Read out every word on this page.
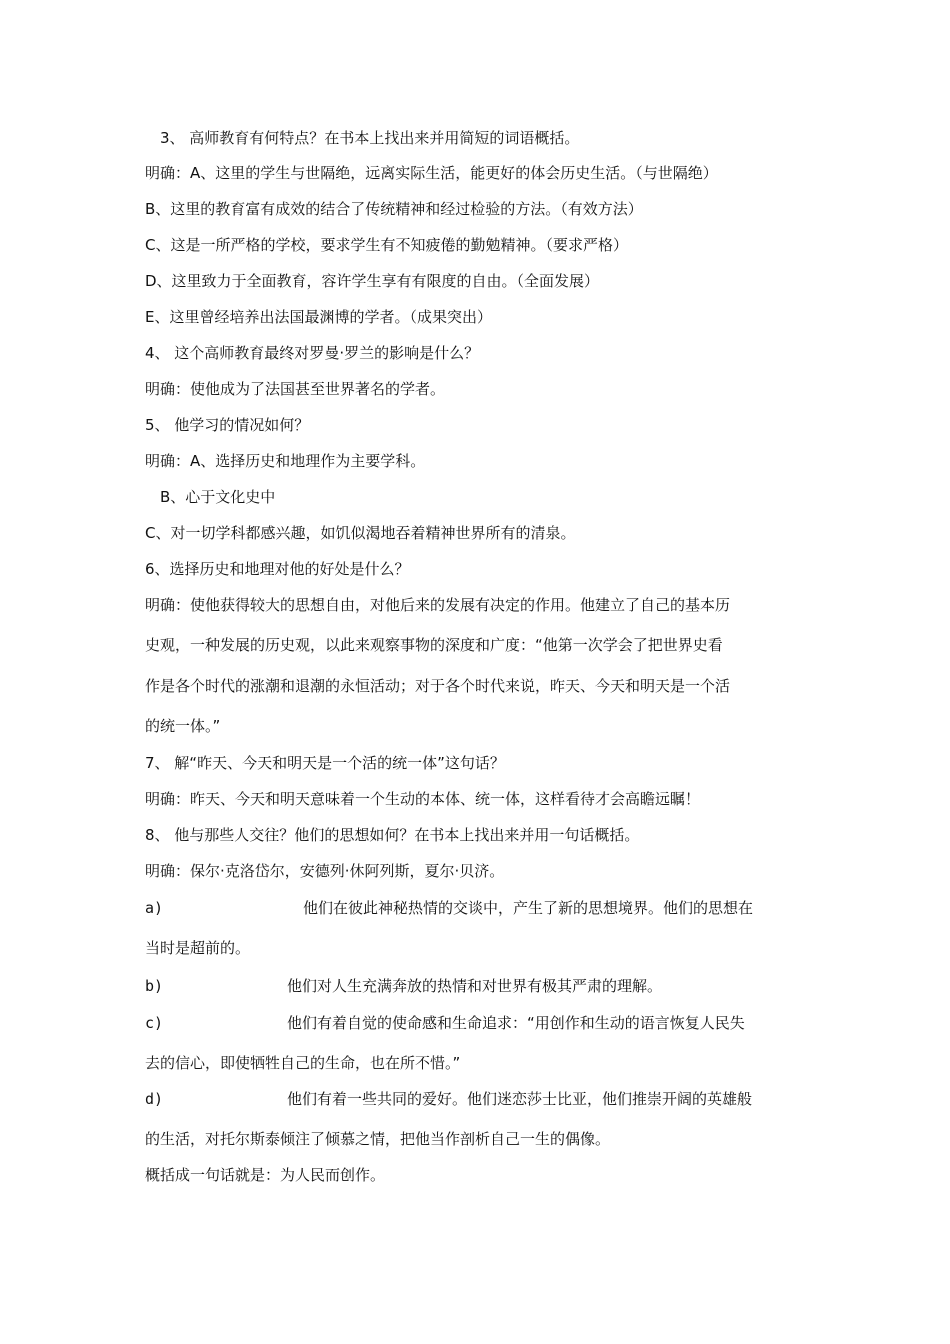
3、 高师教育有何特点？在书本上找出来并用简短的词语概括。
明确：A、这里的学生与世隔绝，远离实际生活，能更好的体会历史生活。（与世隔绝）
B、这里的教育富有成效的结合了传统精神和经过检验的方法。（有效方法）
C、这是一所严格的学校，要求学生有不知疲倦的勤勉精神。（要求严格）
D、这里致力于全面教育，容许学生享有有限度的自由。（全面发展）
E、这里曾经培养出法国最渊博的学者。（成果突出）
4、 这个高师教育最终对罗曼·罗兰的影响是什么？
明确：使他成为了法国甚至世界著名的学者。
5、 他学习的情况如何？
明确：A、选择历史和地理作为主要学科。
B、心于文化史中
C、对一切学科都感兴趣，如饥似渴地吞着精神世界所有的清泉。
6、选择历史和地理对他的好处是什么？
明确：使他获得较大的思想自由，对他后来的发展有决定的作用。他建立了自己的基本历
史观，一种发展的历史观，以此来观察事物的深度和广度：“他第一次学会了把世界史看
作是各个时代的涨潮和退潮的永恒活动；对于各个时代来说，昨天、今天和明天是一个活
的统一体。”
7、 解“昨天、今天和明天是一个活的统一体”这句话？
明确：昨天、今天和明天意味着一个生动的本体、统一体，这样看待才会高瞻远瞩！
8、 他与那些人交往？他们的思想如何？在书本上找出来并用一句话概括。
明确：保尔·克洛岱尔，安德列·休阿列斯，夏尔·贝济。
a)	他们在彼此神秘热情的交谈中，产生了新的思想境界。他们的思想在
当时是超前的。
b)	他们对人生充满奔放的热情和对世界有极其严肃的理解。
c)	他们有着自觉的使命感和生命追求：“用创作和生动的语言恢复人民失
去的信心，即使牺牲自己的生命，也在所不惜。”
d)	他们有着一些共同的爱好。他们迷恋莎士比亚，他们推崇开阔的英雄般
的生活，对托尔斯泰倾注了倾慕之情，把他当作剖析自己一生的偶像。
概括成一句话就是：为人民而创作。
